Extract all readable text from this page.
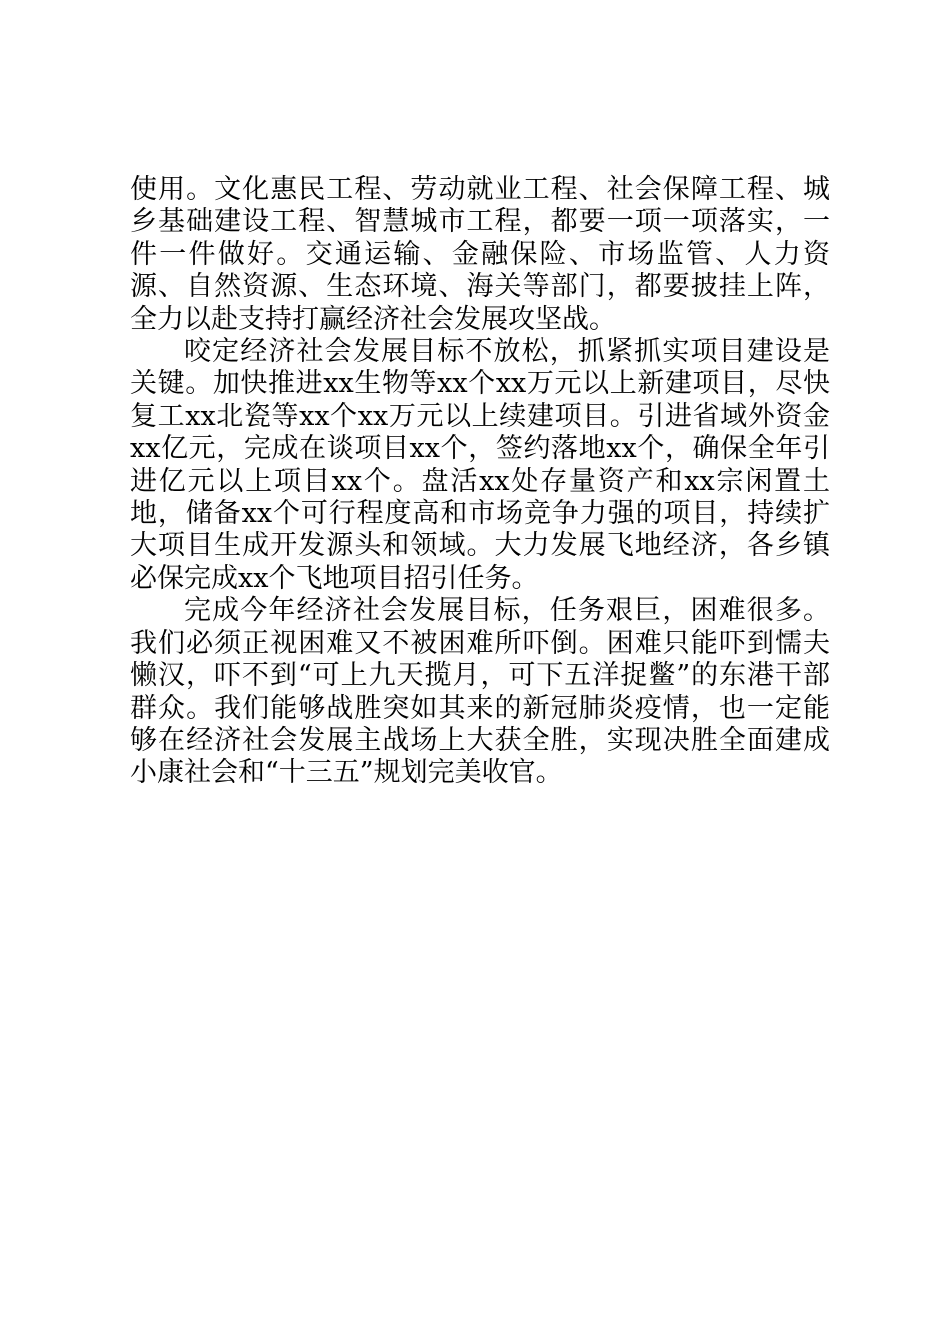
使用。文化惠民工程、劳动就业工程、社会保障工程、城乡基础建设工程、智慧城市工程，都要一项一项落实，一件一件做好。交通运输、金融保险、市场监管、人力资源、自然资源、生态环境、海关等部门，都要披挂上阵，全力以赴支持打赢经济社会发展攻坚战。

咬定经济社会发展目标不放松，抓紧抓实项目建设是关键。加快推进xx生物等xx个xx万元以上新建项目，尽快复工xx北瓷等xx个xx万元以上续建项目。引进省域外资金xx亿元，完成在谈项目xx个，签约落地xx个，确保全年引进亿元以上项目xx个。盘活xx处存量资产和xx宗闲置土地，储备xx个可行程度高和市场竞争力强的项目，持续扩大项目生成开发源头和领域。大力发展飞地经济，各乡镇必保完成xx个飞地项目招引任务。

完成今年经济社会发展目标，任务艰巨，困难很多。我们必须正视困难又不被困难所吓倒。困难只能吓到懦夫懒汉，吓不到“可上九天揽月，可下五洋捉鳖”的东港干部群众。我们能够战胜突如其来的新冠肺炎疫情，也一定能够在经济社会发展主战场上大获全胜，实现决胜全面建成小康社会和“十三五”规划完美收官。
